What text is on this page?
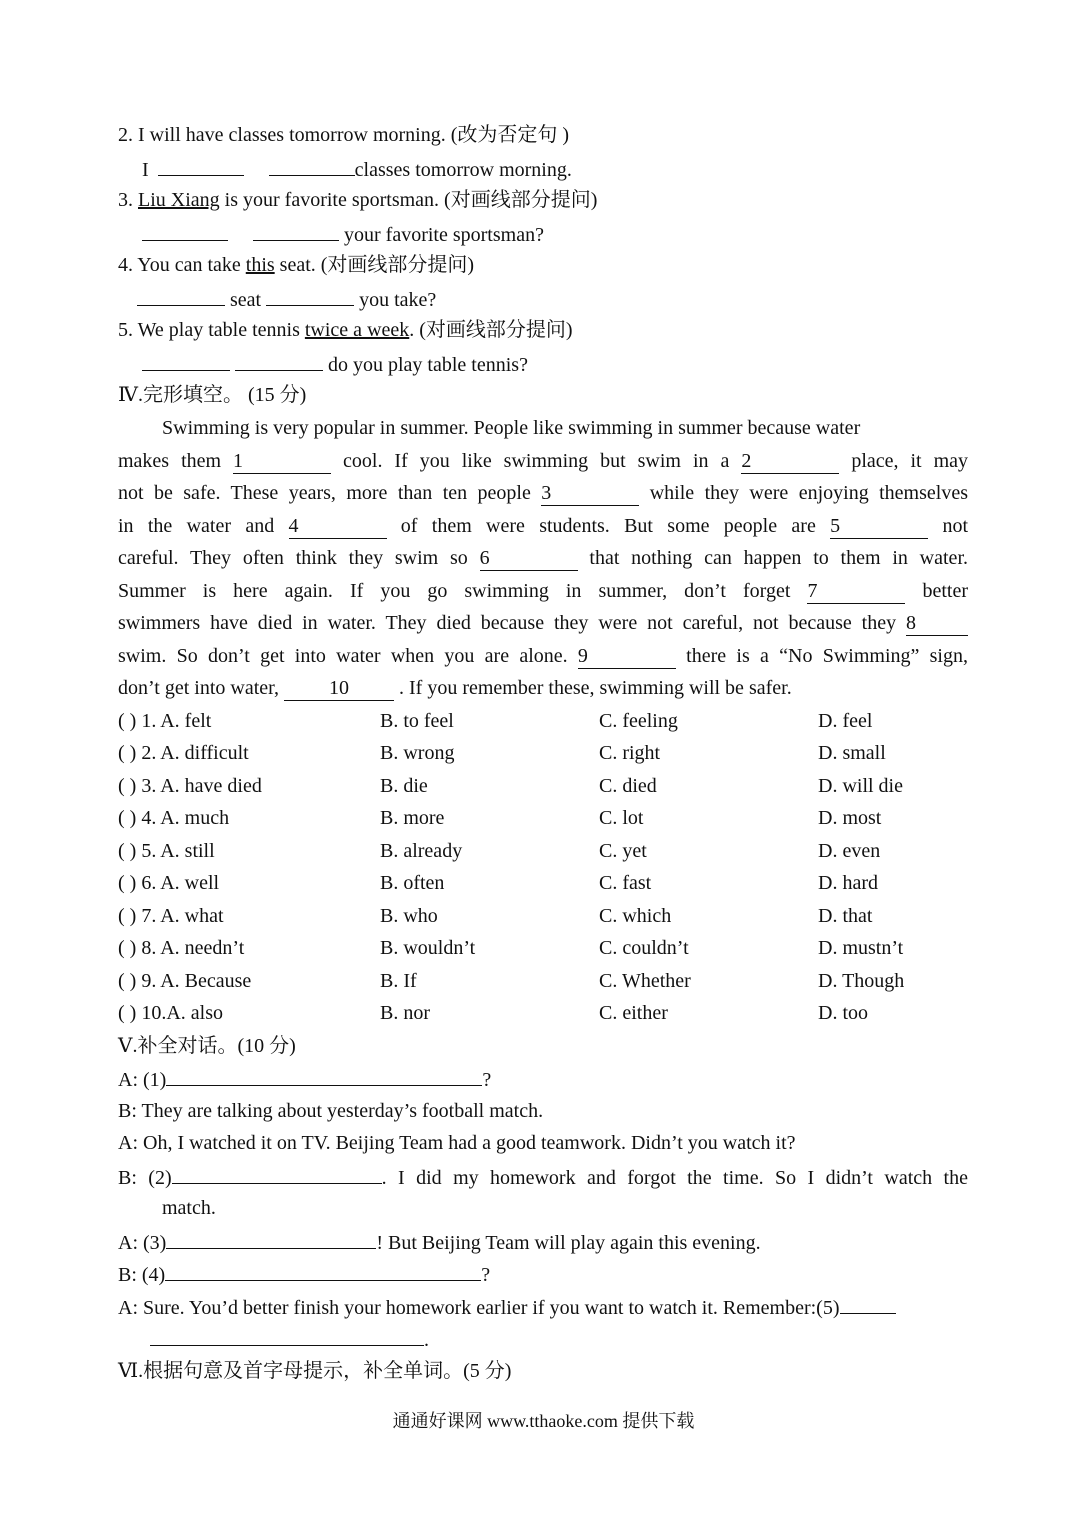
2. I will have classes tomorrow morning. (改为否定句 )
I	classes tomorrow morning.
3. Liu Xiang is your favorite sportsman. (对画线部分提问)
your favorite sportsman?
4. You can take this seat. (对画线部分提问)
seat	you take?
5. We play table tennis twice a week. (对画线部分提问)
do you play table tennis?
Ⅳ.完形填空。 (15 分)
Swimming is very popular in summer. People like swimming in summer because water
makes them 1	cool. If you like swimming but swim in a 2	place, it may
not be safe. These years, more than ten people 3	while they were enjoying themselves
in the water and 4	of them were students. But some people are 5	not
careful. They often think they swim so 6	that nothing can happen to them in water.
Summer is here again. If you go swimming in summer, don’t forget 7	better
swimmers have died in water. They died because they were not careful, not because they 8
swim. So don’t get into water when you are alone. 9	there is a “No Swimming” sign,
don’t get into water, 10 . If you remember these, swimming will be safer.
( ) 1. A. felt	B. to feel	C. feeling	D. feel
( ) 2. A. difficult	B. wrong	C. right	D. small
( ) 3. A. have died	B. die	C. died	D. will die
( ) 4. A. much	B. more	C. lot	D. most
( ) 5. A. still	B. already	C. yet	D. even
( ) 6. A. well	B. often	C. fast	D. hard
( ) 7. A. what	B. who	C. which	D. that
( ) 8. A. needn’t	B. wouldn’t	C. couldn’t	D. mustn’t
( ) 9. A. Because	B. If	C. Whether	D. Though
( ) 10.A. also	B. nor	C. either	D. too
Ⅴ.补全对话。(10 分)
A: (1)	?
B: They are talking about yesterday’s football match.
A: Oh, I watched it on TV. Beijing Team had a good teamwork. Didn’t you watch it?
B: (2)	. I did my homework and forgot the time. So I didn’t watch the
match.
A: (3)	! But Beijing Team will play again this evening.
B: (4)	?
A: Sure. You’d better finish your homework earlier if you want to watch it. Remember:(5)
.
Ⅵ.根据句意及首字母提示，补全单词。(5 分)
通通好课网 www.tthaoke.com 提供下载
